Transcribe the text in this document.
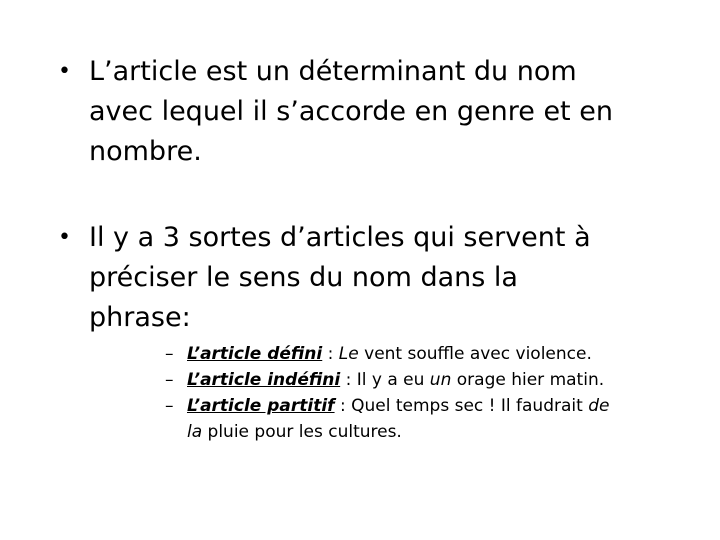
• L’article est un déterminant du nom
avec lequel il s’accorde en genre et en
nombre.
• Il y a 3 sortes d’articles qui servent à
préciser le sens du nom dans la
phrase:
– L’article défini : Le vent souffle avec violence.
– L’article indéfini : Il y a eu un orage hier matin.
– L’article partitif : Quel temps sec ! Il faudrait de
la pluie pour les cultures.
